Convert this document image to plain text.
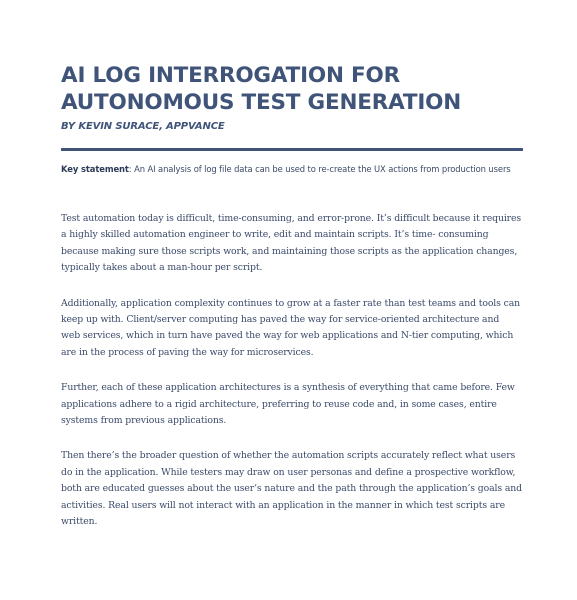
AI LOG INTERROGATION FOR
AUTONOMOUS TEST GENERATION

BY KEVIN SURACE, APPVANCE

Key statement: An AI analysis of log file data can be used to re-create the UX actions from production users

Test automation today is difficult, time-consuming, and error-prone. It’s difficult because it requires
a highly skilled automation engineer to write, edit and maintain scripts. It’s time- consuming
because making sure those scripts work, and maintaining those scripts as the application changes,
typically takes about a man-hour per script.

Additionally, application complexity continues to grow at a faster rate than test teams and tools can
keep up with. Client/server computing has paved the way for service-oriented architecture and
web services, which in turn have paved the way for web applications and N-tier computing, which
are in the process of paving the way for microservices.

Further, each of these application architectures is a synthesis of everything that came before. Few
applications adhere to a rigid architecture, preferring to reuse code and, in some cases, entire
systems from previous applications.

Then there’s the broader question of whether the automation scripts accurately reflect what users
do in the application. While testers may draw on user personas and define a prospective workflow,
both are educated guesses about the user’s nature and the path through the application’s goals and
activities. Real users will not interact with an application in the manner in which test scripts are
written.
